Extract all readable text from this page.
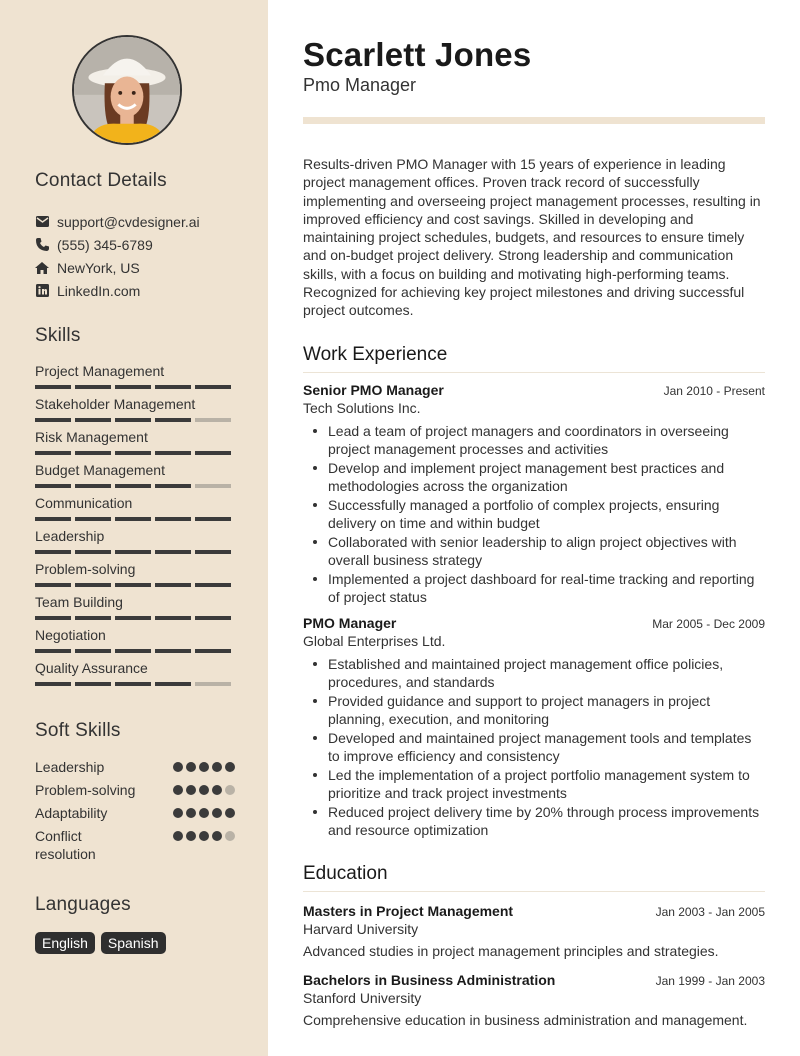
Contact Details
support@cvdesigner.ai
(555) 345-6789
NewYork, US
LinkedIn.com
Skills
Project Management
Stakeholder Management
Risk Management
Budget Management
Communication
Leadership
Problem-solving
Team Building
Negotiation
Quality Assurance
Soft Skills
Leadership
Problem-solving
Adaptability
Conflict resolution
Languages
English	Spanish
Scarlett Jones
Pmo Manager

Results-driven PMO Manager with 15 years of experience in leading project management offices. Proven track record of successfully implementing and overseeing project management processes, resulting in improved efficiency and cost savings. Skilled in developing and maintaining project schedules, budgets, and resources to ensure timely and on-budget project delivery. Strong leadership and communication skills, with a focus on building and motivating high-performing teams. Recognized for achieving key project milestones and driving successful project outcomes.

Work Experience
Senior PMO Manager	Jan 2010 - Present
Tech Solutions Inc.
Lead a team of project managers and coordinators in overseeing project management processes and activities
Develop and implement project management best practices and methodologies across the organization
Successfully managed a portfolio of complex projects, ensuring delivery on time and within budget
Collaborated with senior leadership to align project objectives with overall business strategy
Implemented a project dashboard for real-time tracking and reporting of project status
PMO Manager	Mar 2005 - Dec 2009
Global Enterprises Ltd.
Established and maintained project management office policies, procedures, and standards
Provided guidance and support to project managers in project planning, execution, and monitoring
Developed and maintained project management tools and templates to improve efficiency and consistency
Led the implementation of a project portfolio management system to prioritize and track project investments
Reduced project delivery time by 20% through process improvements and resource optimization
Education
Masters in Project Management	Jan 2003 - Jan 2005
Harvard University
Advanced studies in project management principles and strategies.
Bachelors in Business Administration	Jan 1999 - Jan 2003
Stanford University
Comprehensive education in business administration and management.
